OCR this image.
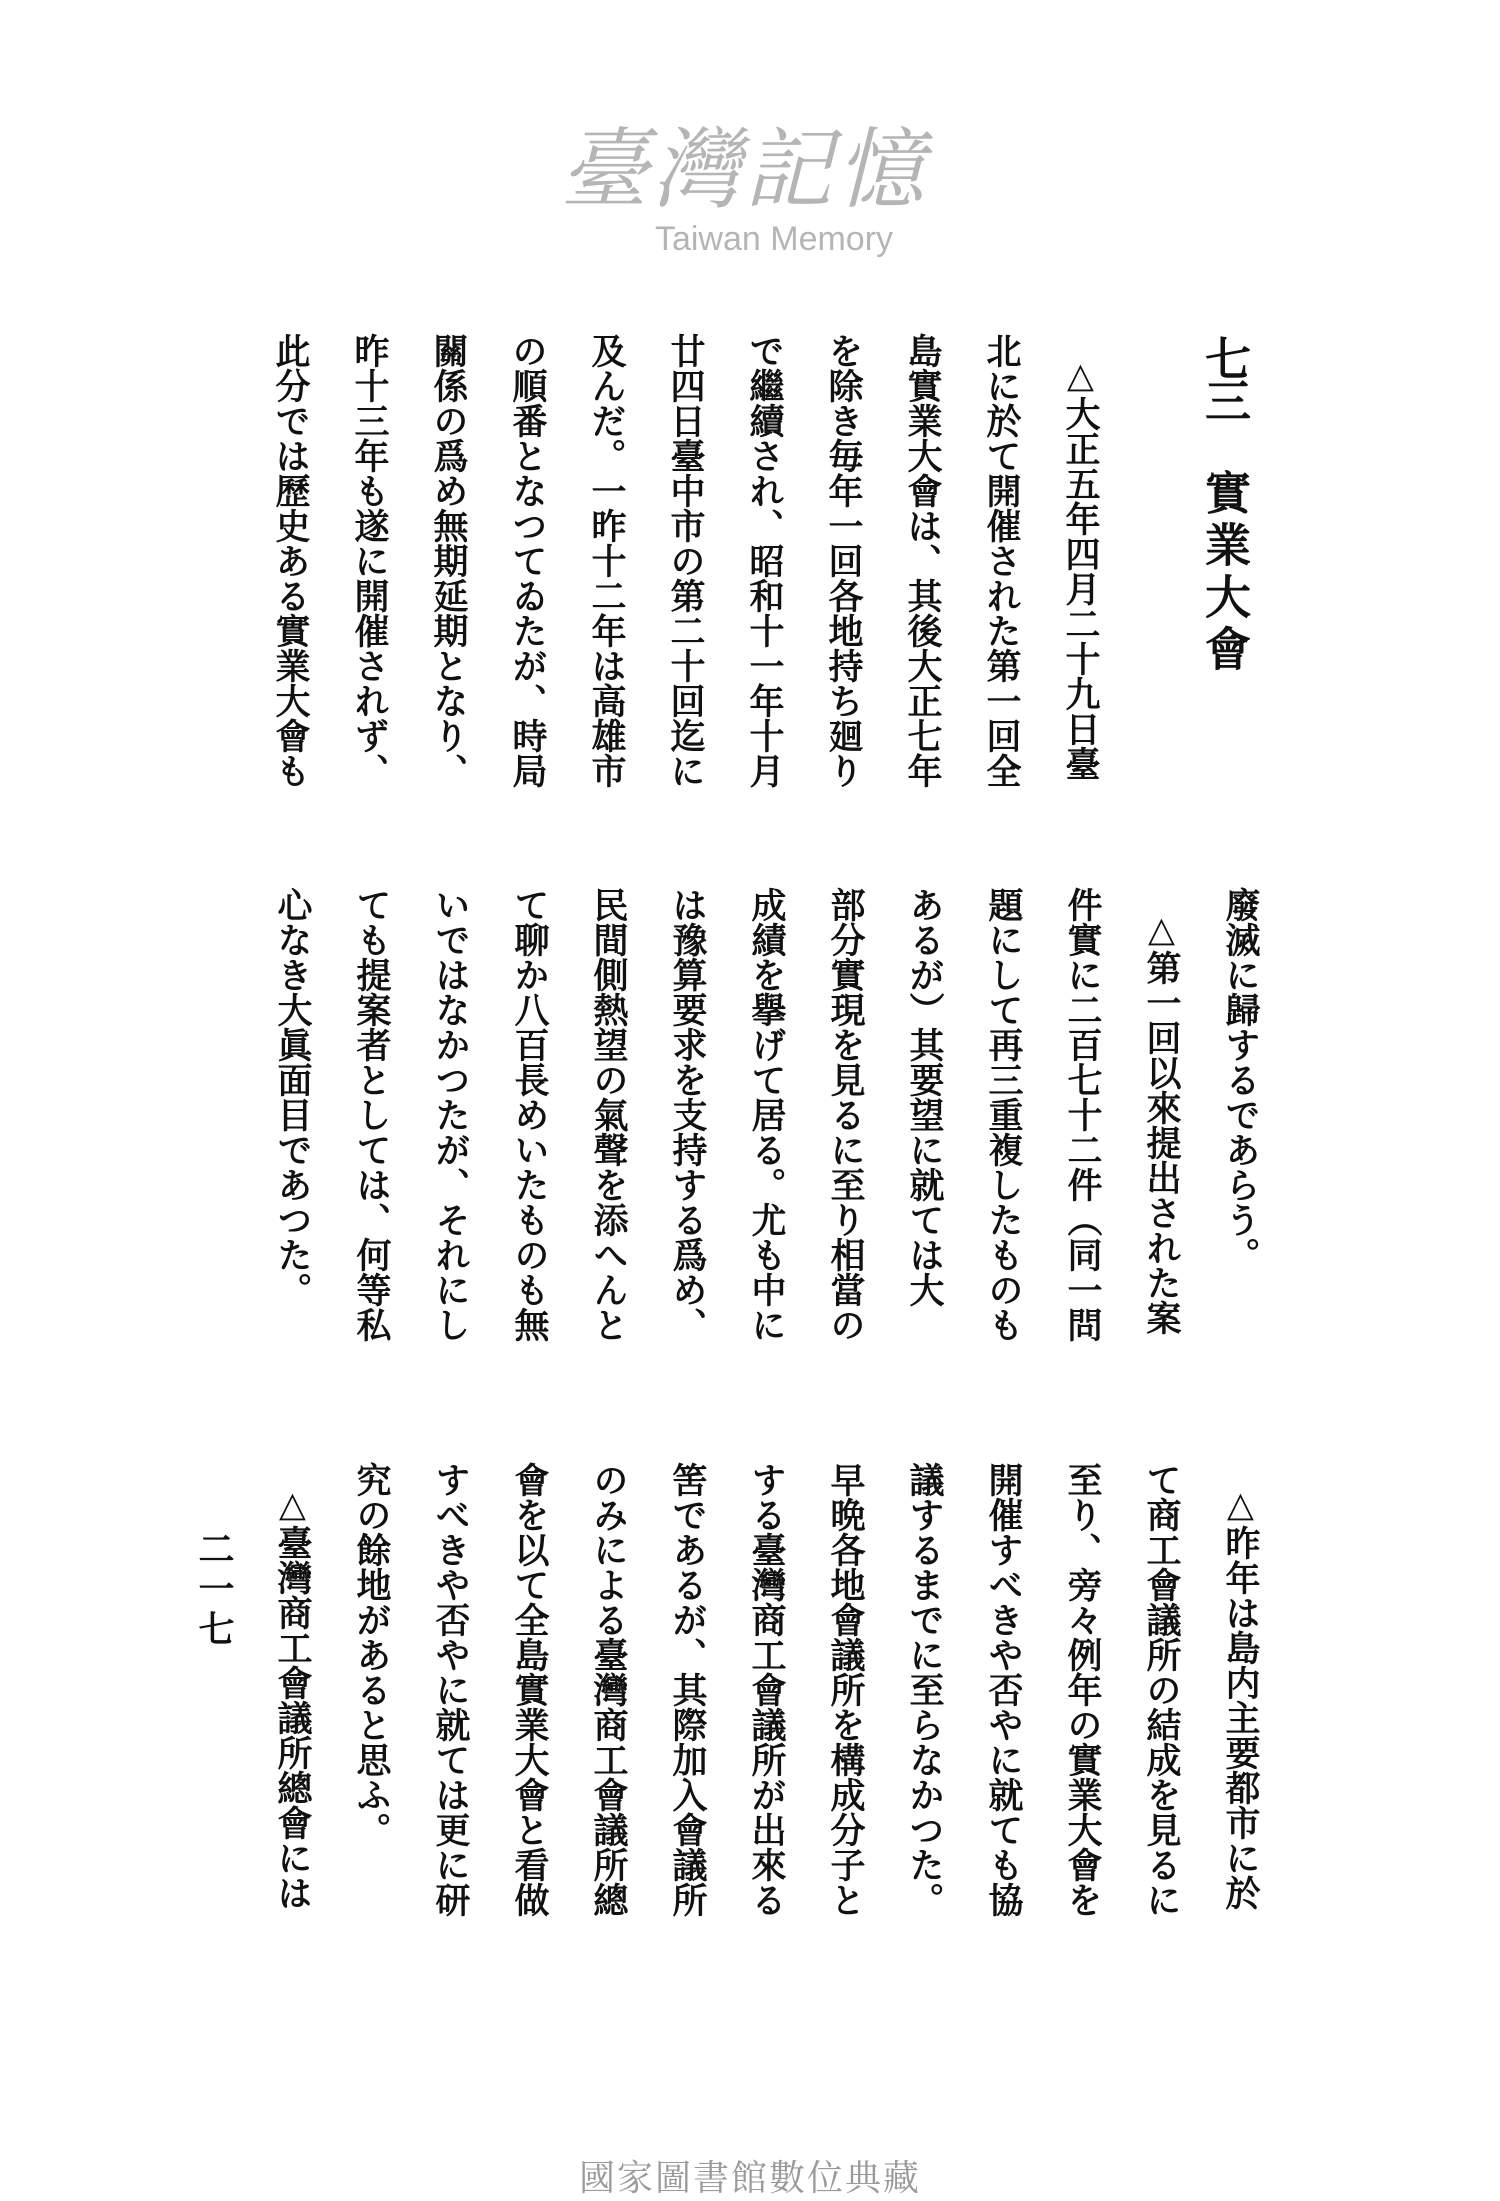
七三實業大會
△大正五年四月二十九日臺
北に於て開催された第一回全
島實業大會は、其後大正七年
を除き毎年一回各地持ち廻り
で繼續され、昭和十一年十月
廿四日臺中市の第二十回迄に
及んだ。一昨十二年は高雄市
の順番となつてゐたが、時局
關係の爲め無期延期となり、
昨十三年も遂に開催されず、
此分では歷史ある實業大會も
廢滅に歸するであらう。
△第一回以來提出された案
件實に二百七十二件（同一問
題にして再三重複したものも
あるが）其要望に就ては大
部分實現を見るに至り相當の
成績を擧げて居る。尤も中に
は豫算要求を支持する爲め、
民間側熱望の氣聲を添へんと
て聊か八百長めいたものも無
いではなかつたが、それにし
ても提案者としては、何等私
心なき大眞面目であつた。
△昨年は島内主要都市に於
て商工會議所の結成を見るに
至り、旁々例年の實業大會を
開催すべきや否やに就ても協
議するまでに至らなかつた。
早晩各地會議所を構成分子と
する臺灣商工會議所が出來る
筈であるが、其際加入會議所
のみによる臺灣商工會議所總
會を以て全島實業大會と看做
すべきや否やに就ては更に研
究の餘地があると思ふ。
△臺灣商工會議所總會には
二一七
臺灣記憶
Taiwan Memory
國家圖書館數位典藏
